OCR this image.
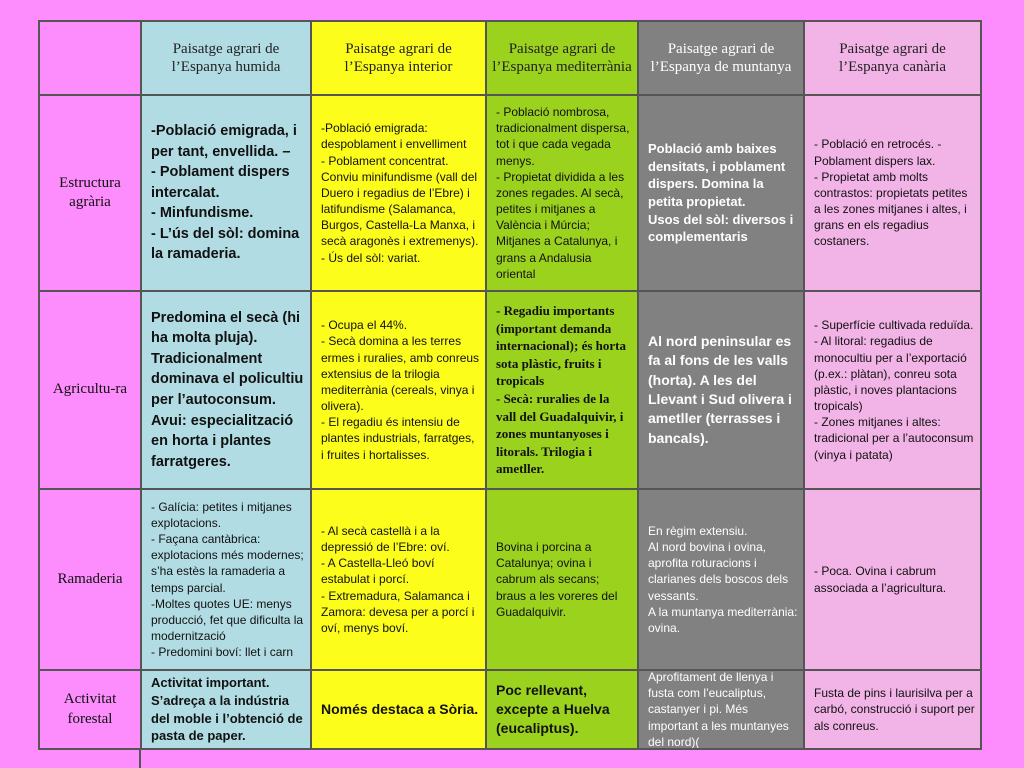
Paisatge agrari de l’Espanya humida
Paisatge agrari de l’Espanya interior
Paisatge agrari de l’Espanya mediterrània
Paisatge agrari de l’Espanya de muntanya
Paisatge agrari de l’Espanya canària
Estructura agrària
-Població emigrada, i per tant, envellida. –
- Poblament dispers intercalat.
- Minfundisme.
- L’ús del sòl: domina la ramaderia.
-Població emigrada: despoblament i envelliment
- Poblament concentrat.
Conviu minifundisme (vall del Duero i regadius de l’Ebre) i latifundisme (Salamanca, Burgos, Castella-La Manxa, i secà aragonès i extremenys).
- Ús del sòl: variat.
- Població nombrosa, tradicionalment dispersa, tot i que cada vegada menys.
- Propietat dividida a les zones regades. Al secà, petites i mitjanes a València i Múrcia; Mitjanes a Catalunya, i grans a Andalusia oriental
Població amb baixes densitats, i poblament dispers. Domina la petita propietat.
Usos del sòl: diversos i complementaris
- Població en retrocés. - Poblament dispers lax.
- Propietat amb molts contrastos: propietats petites a les zones mitjanes i altes, i grans en els regadius costaners.
Agricultu-ra
Predomina el secà (hi ha molta pluja). Tradicionalment dominava el policultiu per l’autoconsum. Avui: especialització en horta i plantes farratgeres.
- Ocupa el 44%.
- Secà domina a les terres ermes i ruralies, amb conreus extensius de la trilogia mediterrània (cereals, vinya i olivera).
- El regadiu és intensiu de plantes industrials, farratges, i fruites i hortalisses.
- Regadiu importants (important demanda internacional); és horta sota plàstic, fruits i tropicals
- Secà: ruralies de la vall del Guadalquivir, i zones muntanyoses i litorals. Trilogia i ametller.
Al nord peninsular es fa al fons de les valls (horta). A les del Llevant i Sud olivera i ametller (terrasses i bancals).
- Superfície cultivada reduïda.
- Al litoral: regadius de monocultiu per a l’exportació (p.ex.: plàtan), conreu sota plàstic, i noves plantacions tropicals)
- Zones mitjanes i altes: tradicional per a l’autoconsum (vinya i patata)
Ramaderia
- Galícia: petites i mitjanes explotacions.
- Façana cantàbrica: explotacions més modernes; s’ha estès la ramaderia a temps parcial.
-Moltes quotes UE: menys producció, fet que dificulta la modernització
- Predomini boví: llet i carn
- Al secà castellà i a la depressió de l’Ebre: oví.
- A Castella-Lleó boví estabulat i porcí.
- Extremadura, Salamanca i Zamora: devesa per a porcí i oví, menys boví.
Bovina i porcina a Catalunya; ovina i cabrum als secans; braus a les voreres del Guadalquivir.
En règim extensiu.
Al nord bovina i ovina, aprofita roturacions i clarianes dels boscos dels vessants.
A la muntanya mediterrània: ovina.
- Poca. Ovina i cabrum associada a l’agricultura.
Activitat forestal
Activitat important. S’adreça a la indústria del moble i l’obtenció de pasta de paper.
Només destaca a Sòria.
Poc rellevant, excepte a Huelva (eucaliptus).
Aprofitament de llenya i fusta com l’eucaliptus, castanyer i pi. Més important a les muntanyes del nord)(
Fusta de pins i laurisilva per a carbó, construcció i suport per als conreus.
